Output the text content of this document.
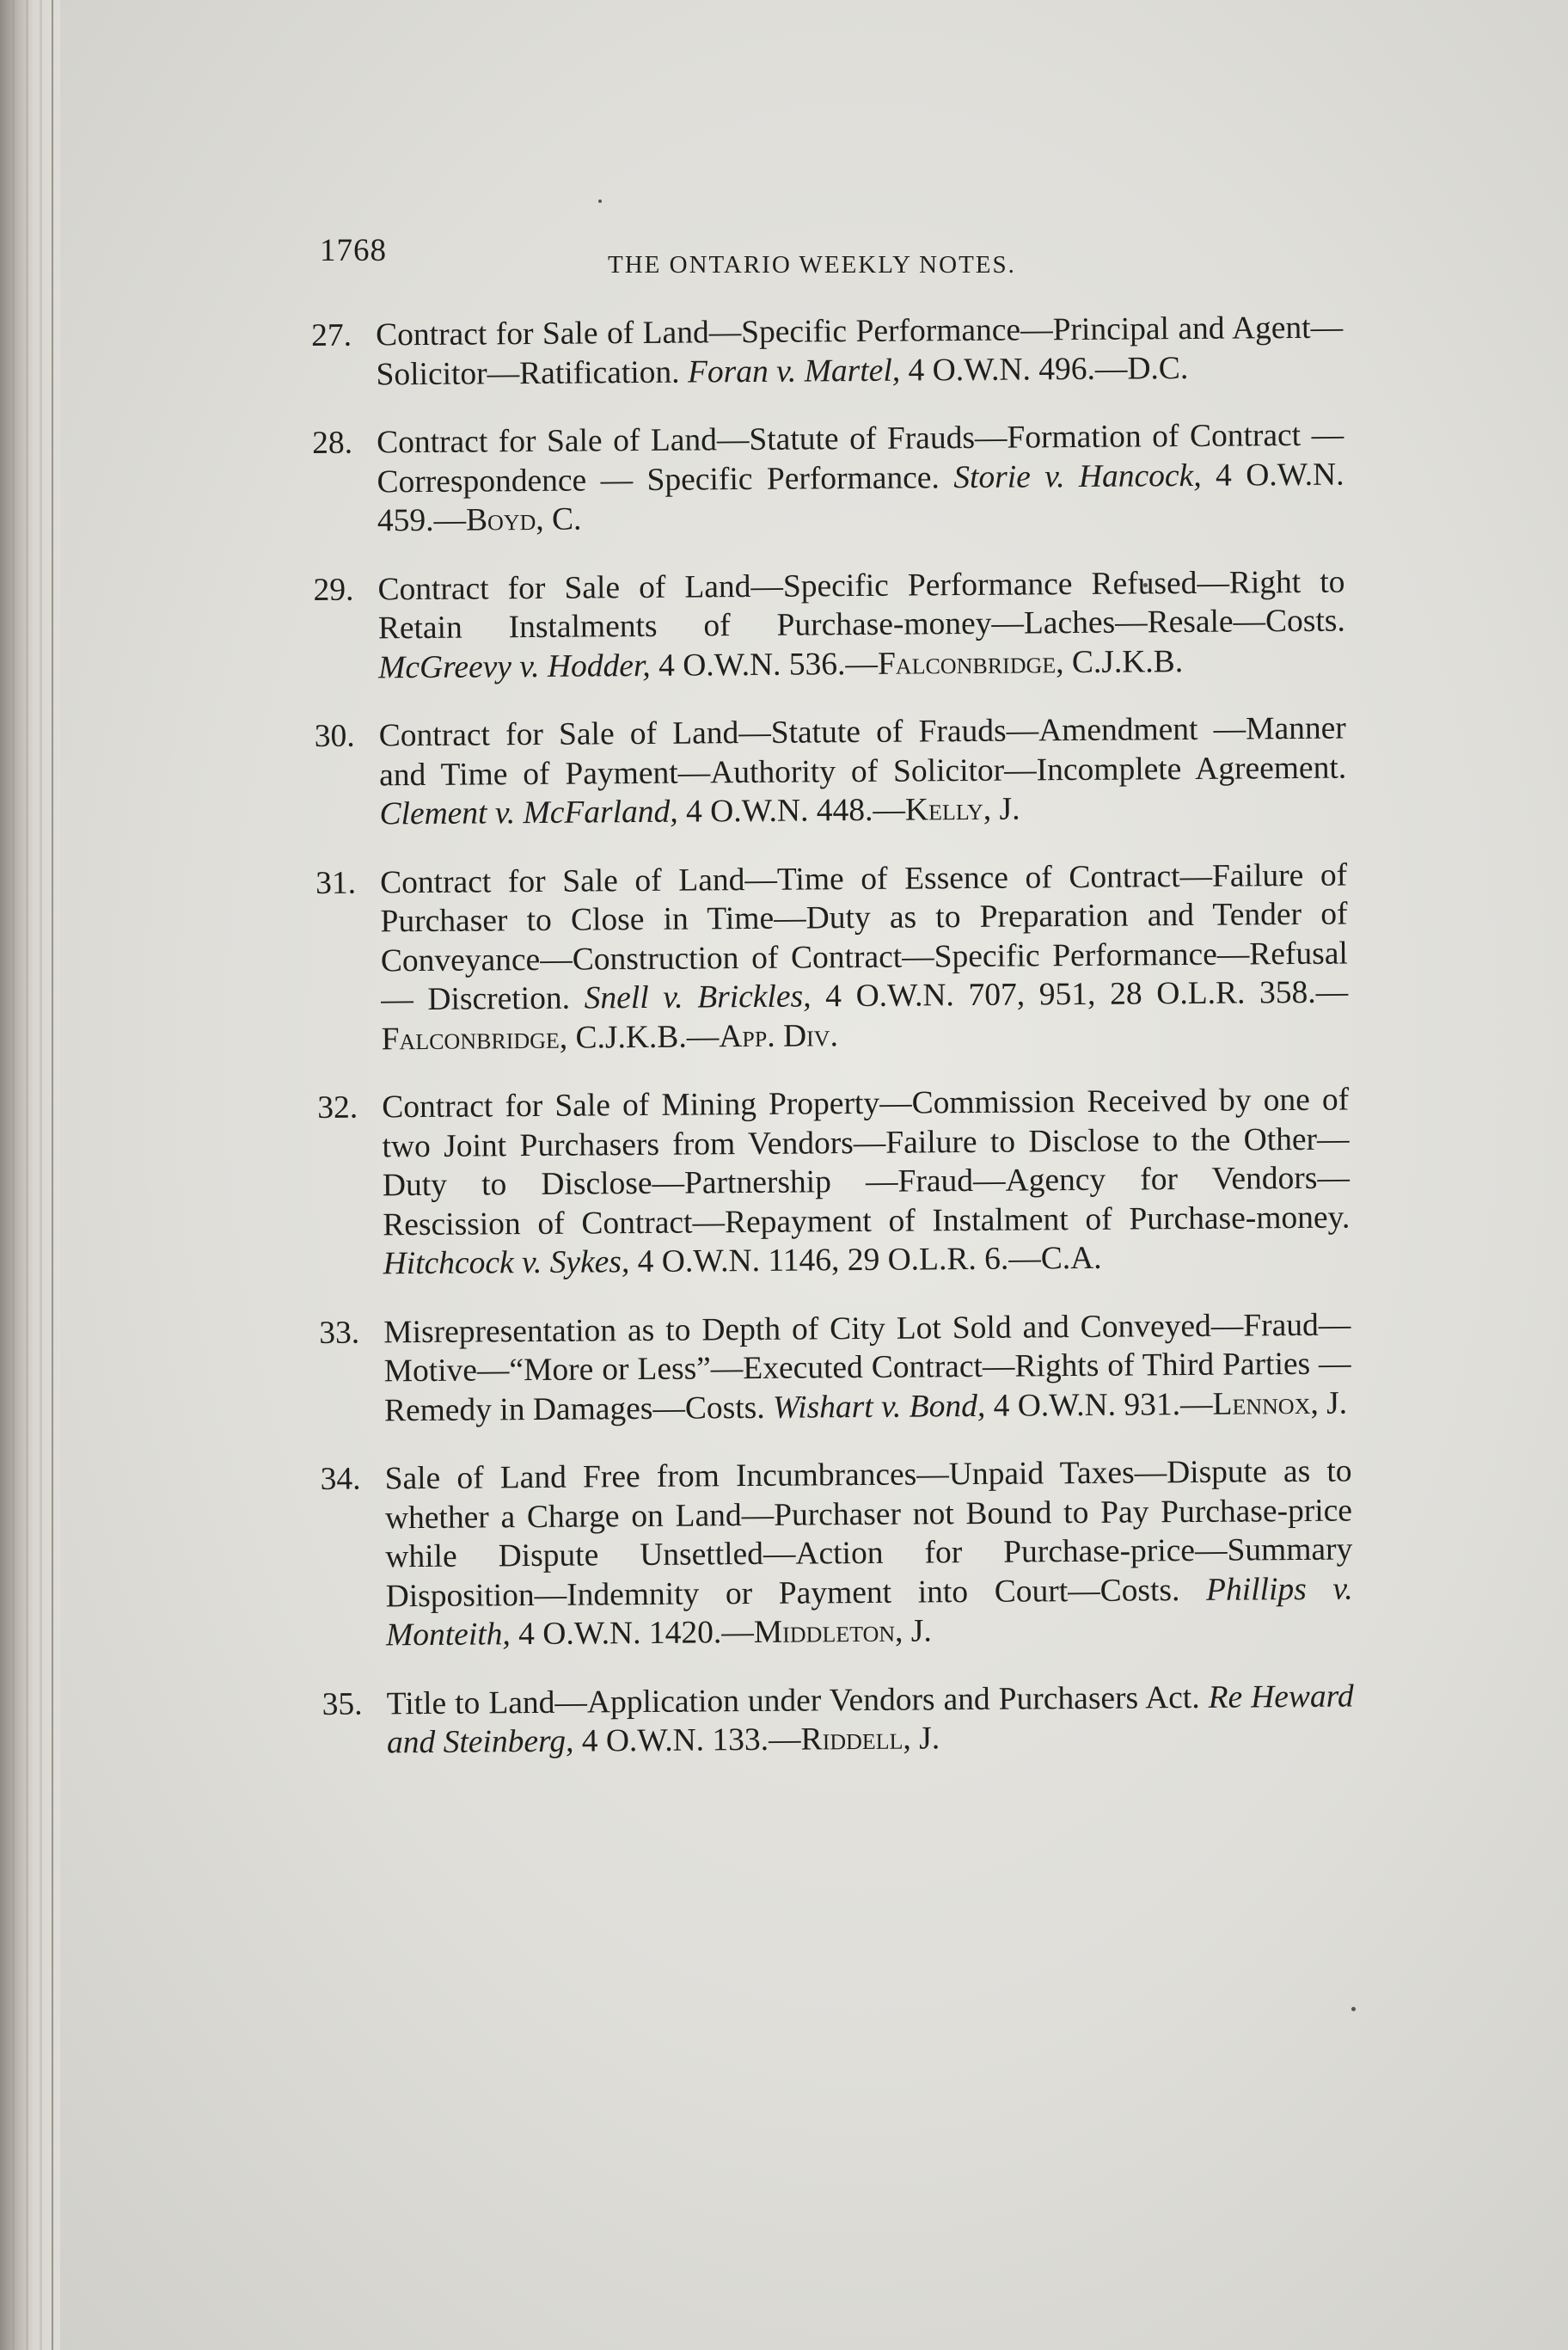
1768	THE ONTARIO WEEKLY NOTES.
27. Contract for Sale of Land—Specific Performance—Principal and Agent—Solicitor—Ratification. Foran v. Martel, 4 O.W.N. 496.—D.C.
28. Contract for Sale of Land—Statute of Frauds—Formation of Contract — Correspondence — Specific Performance. Storie v. Hancock, 4 O.W.N. 459.—Boyd, C.
29. Contract for Sale of Land—Specific Performance Refused—Right to Retain Instalments of Purchase-money—Laches—Resale—Costs. McGreevy v. Hodder, 4 O.W.N. 536.—Falconbridge, C.J.K.B.
30. Contract for Sale of Land—Statute of Frauds—Amendment —Manner and Time of Payment—Authority of Solicitor—Incomplete Agreement. Clement v. McFarland, 4 O.W.N. 448.—Kelly, J.
31. Contract for Sale of Land—Time of Essence of Contract—Failure of Purchaser to Close in Time—Duty as to Preparation and Tender of Conveyance—Construction of Contract—Specific Performance—Refusal — Discretion. Snell v. Brickles, 4 O.W.N. 707, 951, 28 O.L.R. 358.—Falconbridge, C.J.K.B.—App. Div.
32. Contract for Sale of Mining Property—Commission Received by one of two Joint Purchasers from Vendors—Failure to Disclose to the Other—Duty to Disclose—Partnership —Fraud—Agency for Vendors—Rescission of Contract—Repayment of Instalment of Purchase-money. Hitchcock v. Sykes, 4 O.W.N. 1146, 29 O.L.R. 6.—C.A.
33. Misrepresentation as to Depth of City Lot Sold and Conveyed—Fraud—Motive—“More or Less”—Executed Contract—Rights of Third Parties — Remedy in Damages—Costs. Wishart v. Bond, 4 O.W.N. 931.—Lennox, J.
34. Sale of Land Free from Incumbrances—Unpaid Taxes—Dispute as to whether a Charge on Land—Purchaser not Bound to Pay Purchase-price while Dispute Unsettled—Action for Purchase-price—Summary Disposition—Indemnity or Payment into Court—Costs. Phillips v. Monteith, 4 O.W.N. 1420.—Middleton, J.
35. Title to Land—Application under Vendors and Purchasers Act. Re Heward and Steinberg, 4 O.W.N. 133.—Riddell, J.
